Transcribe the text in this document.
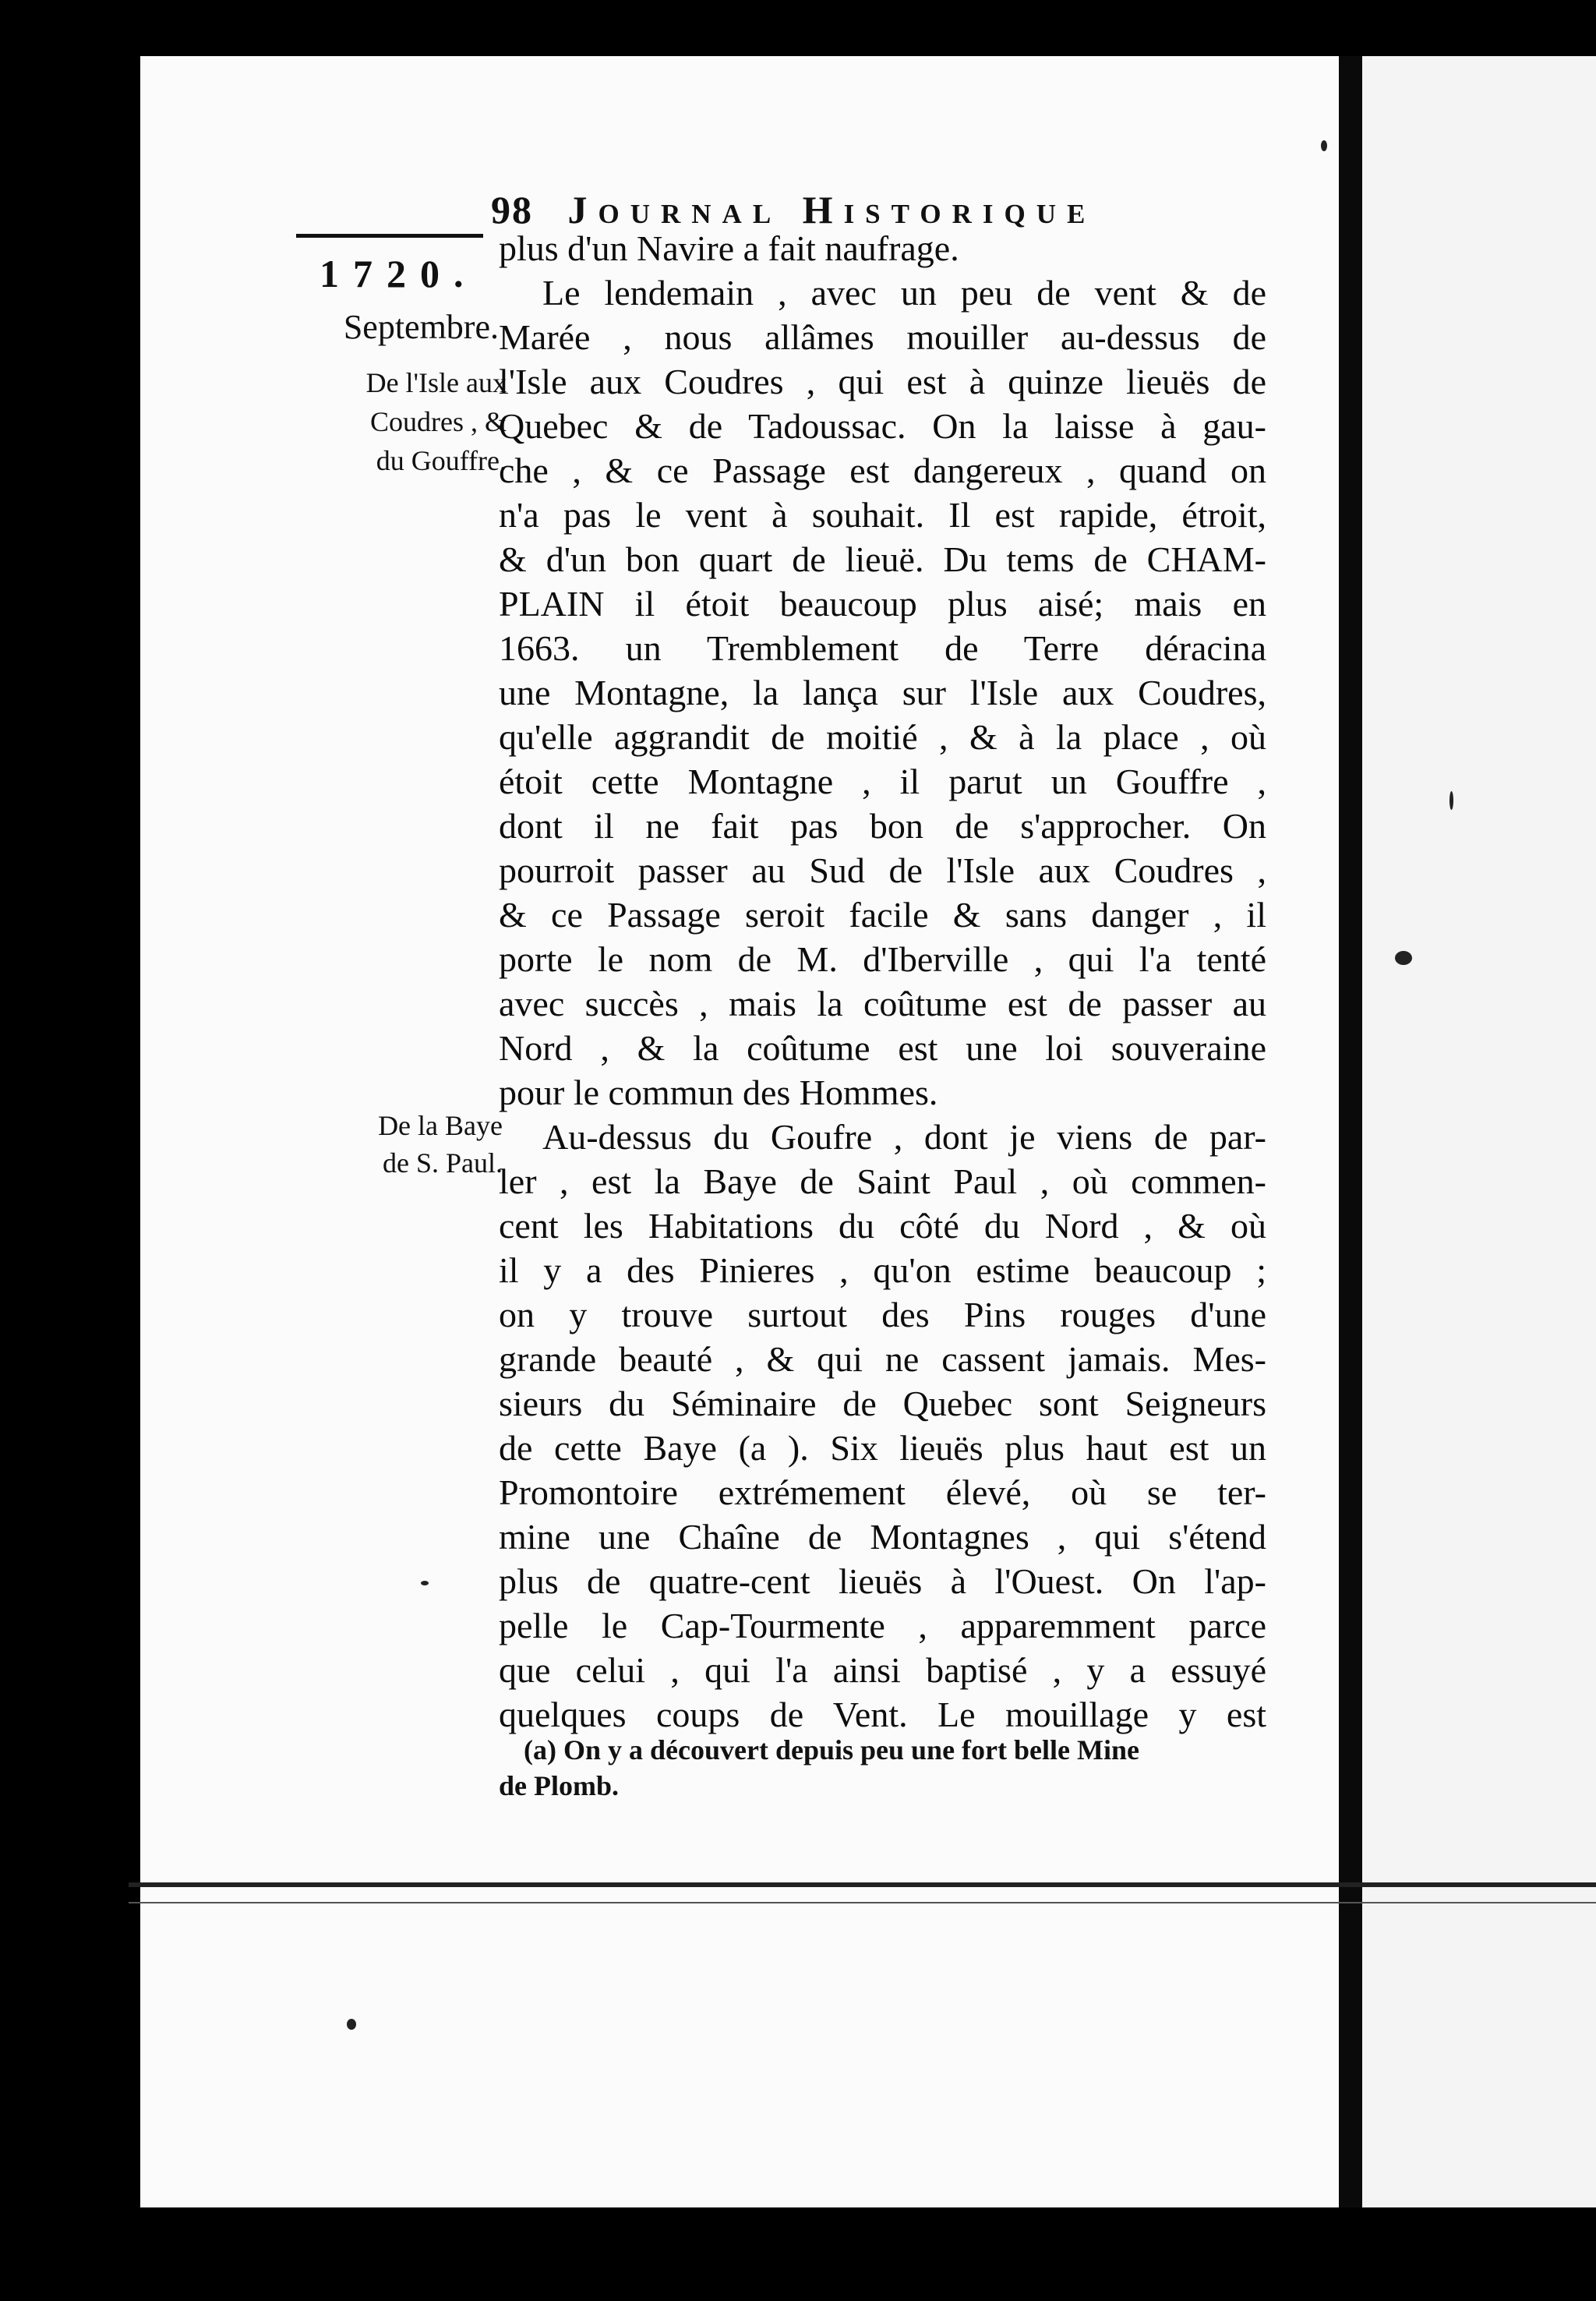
98 Journal Historique
1720.
Septembre.
De l'Isle aux
Coudres , &
du Gouffre.
De la Baye
de S. Paul.
plus d'un Navire a fait naufrage.
Le lendemain , avec un peu de vent & de
Marée , nous allâmes mouiller au-dessus de
l'Isle aux Coudres , qui est à quinze lieuës de
Quebec & de Tadoussac. On la laisse à gau-
che , & ce Passage est dangereux , quand on
n'a pas le vent à souhait. Il est rapide, étroit,
& d'un bon quart de lieuë. Du tems de CHAM-
PLAIN il étoit beaucoup plus aisé; mais en
1663. un Tremblement de Terre déracina
une Montagne, la lança sur l'Isle aux Coudres,
qu'elle aggrandit de moitié , & à la place , où
étoit cette Montagne , il parut un Gouffre ,
dont il ne fait pas bon de s'approcher. On
pourroit passer au Sud de l'Isle aux Coudres ,
& ce Passage seroit facile & sans danger , il
porte le nom de M. d'Iberville , qui l'a tenté
avec succès , mais la coûtume est de passer au
Nord , & la coûtume est une loi souveraine
pour le commun des Hommes.
Au-dessus du Goufre , dont je viens de par-
ler , est la Baye de Saint Paul , où commen-
cent les Habitations du côté du Nord , & où
il y a des Pinieres , qu'on estime beaucoup ;
on y trouve surtout des Pins rouges d'une
grande beauté , & qui ne cassent jamais. Mes-
sieurs du Séminaire de Quebec sont Seigneurs
de cette Baye (a ). Six lieuës plus haut est un
Promontoire extrémement élevé, où se ter-
mine une Chaîne de Montagnes , qui s'étend
plus de quatre-cent lieuës à l'Ouest. On l'ap-
pelle le Cap-Tourmente , apparemment parce
que celui , qui l'a ainsi baptisé , y a essuyé
quelques coups de Vent. Le mouillage y est
(a) On y a découvert depuis peu une fort belle Mine
de Plomb.
